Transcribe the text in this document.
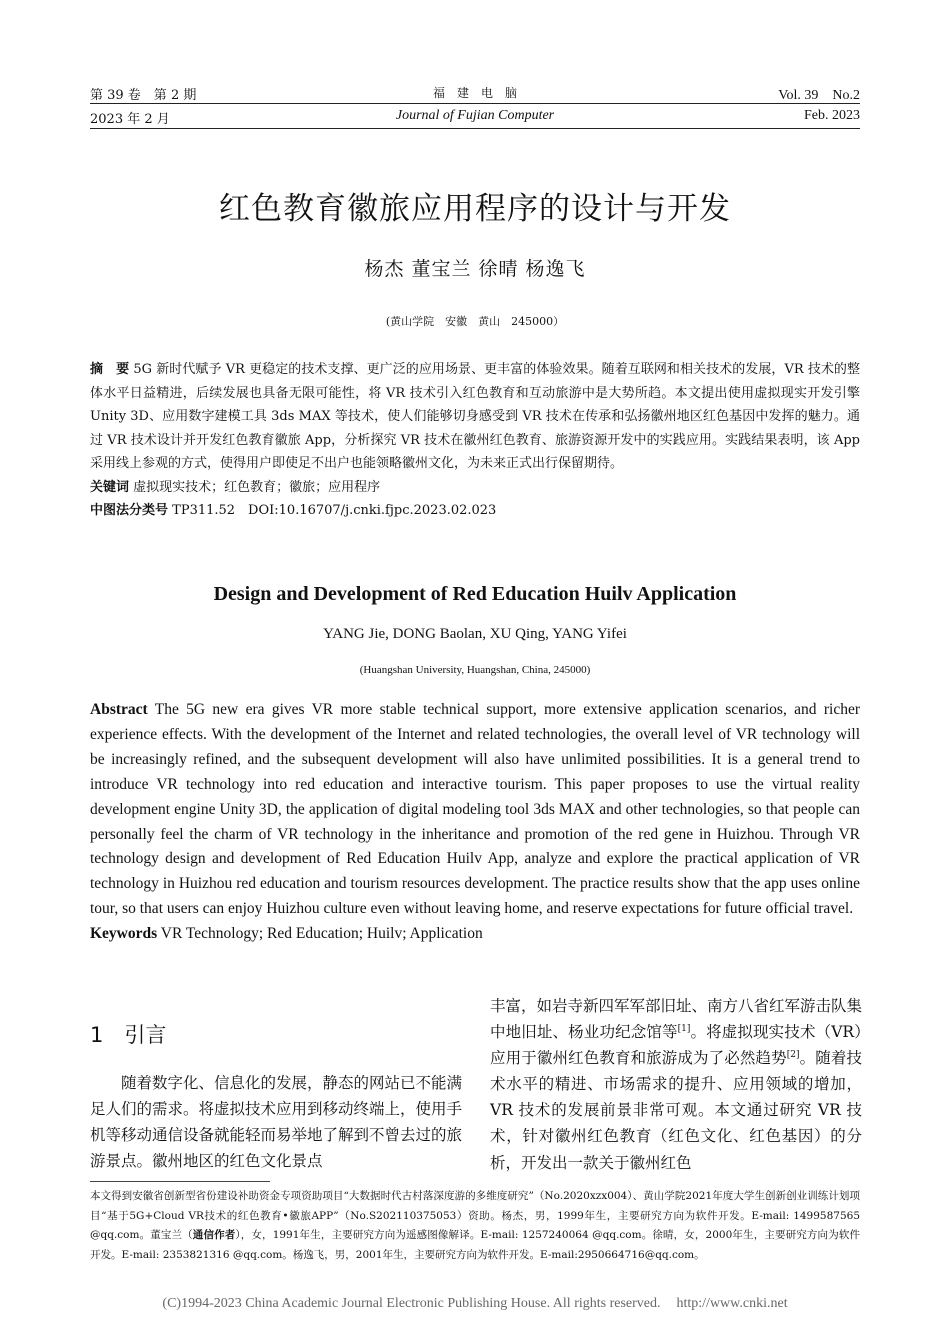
第 39 卷　第 2 期	福　建　电　脑	Vol. 39　No.2
2023 年 2 月	Journal of Fujian Computer	Feb. 2023
红色教育徽旅应用程序的设计与开发
杨杰 董宝兰 徐晴 杨逸飞
(黄山学院　安徽　黄山　245000）
摘　要 5G 新时代赋予 VR 更稳定的技术支撑、更广泛的应用场景、更丰富的体验效果。随着互联网和相关技术的发展，VR 技术的整体水平日益精进，后续发展也具备无限可能性，将 VR 技术引入红色教育和互动旅游中是大势所趋。本文提出使用虚拟现实开发引擎 Unity 3D、应用数字建模工具 3ds MAX 等技术，使人们能够切身感受到 VR 技术在传承和弘扬徽州地区红色基因中发挥的魅力。通过 VR 技术设计并开发红色教育徽旅 App，分析探究 VR 技术在徽州红色教育、旅游资源开发中的实践应用。实践结果表明，该 App 采用线上参观的方式，使得用户即使足不出户也能领略徽州文化，为未来正式出行保留期待。
关键词 虚拟现实技术；红色教育；徽旅；应用程序
中图法分类号 TP311.52　DOI:10.16707/j.cnki.fjpc.2023.02.023
Design and Development of Red Education Huilv Application
YANG Jie, DONG Baolan, XU Qing, YANG Yifei
(Huangshan University, Huangshan, China, 245000)
Abstract The 5G new era gives VR more stable technical support, more extensive application scenarios, and richer experience effects. With the development of the Internet and related technologies, the overall level of VR technology will be increasingly refined, and the subsequent development will also have unlimited possibilities. It is a general trend to introduce VR technology into red education and interactive tourism. This paper proposes to use the virtual reality development engine Unity 3D, the application of digital modeling tool 3ds MAX and other technologies, so that people can personally feel the charm of VR technology in the inheritance and promotion of the red gene in Huizhou. Through VR technology design and development of Red Education Huilv App, analyze and explore the practical application of VR technology in Huizhou red education and tourism resources development. The practice results show that the app uses online tour, so that users can enjoy Huizhou culture even without leaving home, and reserve expectations for future official travel.
Keywords VR Technology; Red Education; Huilv; Application
1　引言
随着数字化、信息化的发展，静态的网站已不能满足人们的需求。将虚拟技术应用到移动终端上，使用手机等移动通信设备就能轻而易举地了解到不曾去过的旅游景点。徽州地区的红色文化景点
丰富，如岩寺新四军军部旧址、南方八省红军游击队集中地旧址、杨业功纪念馆等[1]。将虚拟现实技术（VR）应用于徽州红色教育和旅游成为了必然趋势[2]。随着技术水平的精进、市场需求的提升、应用领域的增加，VR 技术的发展前景非常可观。本文通过研究 VR 技术，针对徽州红色教育（红色文化、红色基因）的分析，开发出一款关于徽州红色
本文得到安徽省创新型省份建设补助资金专项资助项目“大数据时代古村落深度游的多维度研究”（No.2020xzx004）、黄山学院2021年度大学生创新创业训练计划项目“基于5G+Cloud VR技术的红色教育•徽旅APP”（No.S202110375053）资助。杨杰，男，1999年生，主要研究方向为软件开发。E-mail: 1499587565 @qq.com。董宝兰（通信作者），女，1991年生，主要研究方向为遥感图像解译。E-mail: 1257240064 @qq.com。徐晴，女，2000年生，主要研究方向为软件开发。E-mail: 2353821316 @qq.com。杨逸飞，男，2001年生，主要研究方向为软件开发。E-mail:2950664716@qq.com。
(C)1994-2023 China Academic Journal Electronic Publishing House. All rights reserved. http://www.cnki.net
